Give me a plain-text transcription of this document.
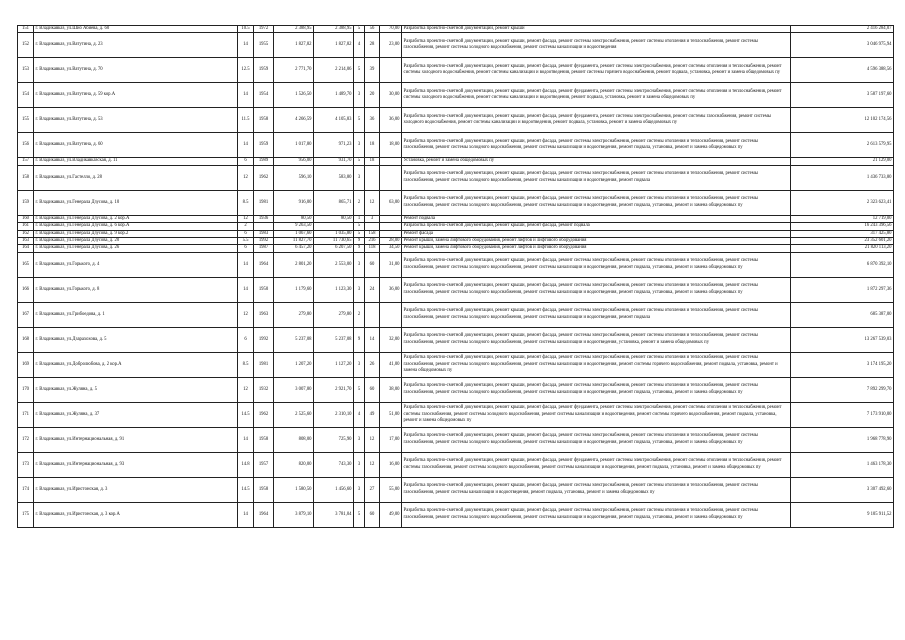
151	г. Владикавказ, ул.Шио Абиева, д. 60	10.5	1972	2 388,95	2 388,95	5	56	70,00	Разработка проектно-сметной документации, ремонт крыши	2 416 284,07
152	г. Владикавказ, ул.Ватутина, д. 23	14	1955	1 827,82	1 827,82	4	28	23,00	Разработка проектно-сметной документации, ремонт крыши, ремонт фасада, ремонт системы электроснабжения, ремонт системы отопления и теплоснабжения, ремонт системы газоснабжения, ремонт системы холодного водоснабжения, ремонт системы канализации и водоотведения	3 046 975,94
153	г. Владикавказ, ул.Ватутина, д. 70	12.5	1959	2 771,70	2 214,06	5	39		Разработка проектно-сметной документации, ремонт крыши, ремонт фасада, ремонт фундамента, ремонт системы электроснабжения, ремонт системы отопления и теплоснабжения, ремонт системы холодного водоснабжения, ремонт системы канализации и водоотведения, ремонт системы горячего водоснабжения, ремонт подвала, установка, ремонт и замена общедомовых пу	4 596 388,56
154	г. Владикавказ, ул.Ватутина, д. 59 кор.А	14	1954	1 526,50	1 489,70	3	20	30,00	Разработка проектно-сметной документации, ремонт крыши, ремонт фасада, ремонт фундамента, ремонт системы электроснабжения, ремонт системы отопления и теплоснабжения, ремонт системы холодного водоснабжения, ремонт системы канализации и водоотведения, ремонт подвала, установка, ремонт и замена общедомовых пу	3 587 197,60
155	г. Владикавказ, ул.Ватутина, д. 53	11.5	1958	4 266,59	4 105,83	5	36	36,00	Разработка проектно-сметной документации, ремонт крыши, ремонт фасада, ремонт фундамента, ремонт системы электроснабжения, ремонт системы газоснабжения, ремонт системы холодного водоснабжения, ремонт системы канализации и водоотведения, ремонт подвала, установка, ремонт и замена общедомовых пу	12 102 174,56
156	г. Владикавказ, ул.Ватутина, д. 60	14	1959	1 017,80	971,23	3	18	18,00	Разработка проектно-сметной документации, ремонт крыши, ремонт фасада, ремонт системы электроснабжения, ремонт системы отопления и теплоснабжения, ремонт системы газоснабжения, ремонт системы холодного водоснабжения, ремонт системы канализации и водоотведения, ремонт подвала, установка, ремонт и замена общедомовых пу	2 613 579,95
157	г. Владикавказ, ул.Владикавказская, д. 11	6	1989	956,00	931,70	5	18		Установка, ремонт и замена общедомовых пу	21 129,00
158	г. Владикавказ, ул.Гастелло, д. 28	12	1962	596,10	583,80	3			Разработка проектно-сметной документации, ремонт крыши, ремонт фасада, ремонт системы электроснабжения, ремонт системы отопления и теплоснабжения, ремонт системы газоснабжения, ремонт системы холодного водоснабжения, ремонт системы канализации и водоотведения, ремонт подвала	1 436 733,80
159	г. Владикавказ, ул.Генерала Дзусова, д. 10	8.5	1981	916,00	865,71	2	12	63,00	Разработка проектно-сметной документации, ремонт крыши, ремонт фасада, ремонт системы электроснабжения, ремонт системы отопления и теплоснабжения, ремонт системы газоснабжения, ремонт системы холодного водоснабжения, ремонт системы канализации и водоотведения, ремонт подвала, установка, ремонт и замена общедомовых пу	2 323 623,41
160	г. Владикавказ, ул.Генерала Дзусова, д. 2 кор.А	12	1936	80,50	80,50	1	3		Ремонт подвала	12 719,00
161	г. Владикавказ, ул.Генерала Дзусова, д. 6 кор.А	2		9 263,50		5			Разработка проектно-сметной документации, ремонт крыши, ремонт фасада, ремонт подвала	16 243 396,56
162	г. Владикавказ, ул.Генерала Дзусова, д. 9 кор.2	6	1983	1 067,60	1 035,80	5	158		Ремонт фасада	317 425,80
163	г. Владикавказ, ул.Генерала Дзусова, д. 20	5.5	1992	11 827,70	11 730,65	9	216	28,00	Ремонт крыши, замена лифтового оборудования, ремонт лифтов и лифтового оборудования	23 352 601,20
164	г. Владикавказ, ул.Генерала Дзусова, д. 26	6	1987	6 457,20	6 207,50	9	118	34,50	Ремонт крыши, замена лифтового оборудования, ремонт лифтов и лифтового оборудования	21 820 113,20
165	г. Владикавказ, ул.Горького, д. 4	14	1964	2 801,20	2 553,00	3	60	31,00	Разработка проектно-сметной документации, ремонт крыши, ремонт фасада, ремонт системы электроснабжения, ремонт системы отопления и теплоснабжения, ремонт системы газоснабжения, ремонт системы холодного водоснабжения, ремонт системы канализации и водоотведения, ремонт подвала, установка, ремонт и замена общедомовых пу	6 870 392,10
166	г. Владикавказ, ул.Горького, д. 8	14	1950	1 179,60	1 123,30	3	24	36,00	Разработка проектно-сметной документации, ремонт крыши, ремонт фасада, ремонт системы электроснабжения, ремонт системы отопления и теплоснабжения, ремонт системы газоснабжения, ремонт системы холодного водоснабжения, ремонт системы канализации и водоотведения, ремонт подвала, установка, ремонт и замена общедомовых пу	1 872 297,36
167	г. Владикавказ, ул.Грибоедова, д. 1	12	1963	279,80	279,80	2			Разработка проектно-сметной документации, ремонт крыши, ремонт фасада, ремонт системы электроснабжения, ремонт системы отопления и теплоснабжения, ремонт системы газоснабжения, ремонт системы холодного водоснабжения, ремонт системы канализации и водоотведения, ремонт подвала	685 387,00
168	г. Владикавказ, ул.Дзарахохова, д. 5	6	1992	5 237,08	5 237,08	9	14	32,00	Разработка проектно-сметной документации, ремонт крыши, ремонт фасада, ремонт системы электроснабжения, ремонт системы отопления и теплоснабжения, ремонт системы газоснабжения, ремонт системы холодного водоснабжения, ремонт системы канализации и водоотведения, установка, ремонт и замена общедомовых пу	13 267 539,03
169	г. Владикавказ, ул.Добролюбова, д. 2 кор.А	8.5	1981	1 207,20	1 127,20	3	26	41,00	Разработка проектно-сметной документации, ремонт крыши, ремонт фасада, ремонт системы электроснабжения, ремонт системы отопления и теплоснабжения, ремонт системы газоснабжения, ремонт системы холодного водоснабжения, ремонт системы канализации и водоотведения, ремонт системы горячего водоснабжения, ремонт подвала, установка, ремонт и замена общедомовых пу	3 174 195,20
170	г. Владикавказ, ул.Жуляна, д. 5	12	1932	3 007,80	2 921,70	5	60	38,00	Разработка проектно-сметной документации, ремонт крыши, ремонт фасада, ремонт системы электроснабжения, ремонт системы отопления и теплоснабжения, ремонт системы газоснабжения, ремонт системы холодного водоснабжения, ремонт системы канализации и водоотведения, ремонт подвала, установка, ремонт и замена общедомовых пу	7 892 299,70
171	г. Владикавказ, ул.Жуляна, д. 37	14.5	1962	2 525,60	2 310,10	4	49	51,00	Разработка проектно-сметной документации, ремонт крыши, ремонт фасада, ремонт фундамента, ремонт системы электроснабжения, ремонт системы отопления и теплоснабжения, ремонт системы газоснабжения, ремонт системы холодного водоснабжения, ремонт системы канализации и водоотведения, ремонт системы горячего водоснабжения, ремонт подвала, установка, ремонт и замена общедомовых пу	7 173 910,00
172	г. Владикавказ, ул.Интернациональная, д. 91	14	1958	808,00	725,90	3	12	17,00	Разработка проектно-сметной документации, ремонт крыши, ремонт фасада, ремонт системы электроснабжения, ремонт системы отопления и теплоснабжения, ремонт системы газоснабжения, ремонт системы холодного водоснабжения, ремонт системы канализации и водоотведения, ремонт подвала, установка, ремонт и замена общедомовых пу	1 968 778,90
173	г. Владикавказ, ул.Интернациональная, д. 93	14.8	1957	820,00	743,30	3	12	16,00	Разработка проектно-сметной документации, ремонт крыши, ремонт фасада, ремонт фундамента, ремонт системы электроснабжения, ремонт системы отопления и теплоснабжения, ремонт системы газоснабжения, ремонт системы холодного водоснабжения, ремонт системы канализации и водоотведения, ремонт подвала, установка, ремонт и замена общедомовых пу	1 463 178,30
174	г. Владикавказ, ул.Иристонская, д. 3	14.5	1958	1 580,50	1 456,60	3	27	55,00	Разработка проектно-сметной документации, ремонт крыши, ремонт фасада, ремонт системы электроснабжения, ремонт системы отопления и теплоснабжения, ремонт системы газоснабжения, ремонт системы канализации и водоотведения, ремонт подвала, установка, ремонт и замена общедомовых пу	3 307 492,60
175	г. Владикавказ, ул.Иристонская, д. 3 кор.А	14	1964	3 879,10	3 781,04	5	60	49,00	Разработка проектно-сметной документации, ремонт крыши, ремонт фасада, ремонт системы электроснабжения, ремонт системы отопления и теплоснабжения, ремонт системы газоснабжения, ремонт системы холодного водоснабжения, ремонт системы канализации и водоотведения, ремонт подвала, установка, ремонт и замена общедомовых пу	9 105 911,52
